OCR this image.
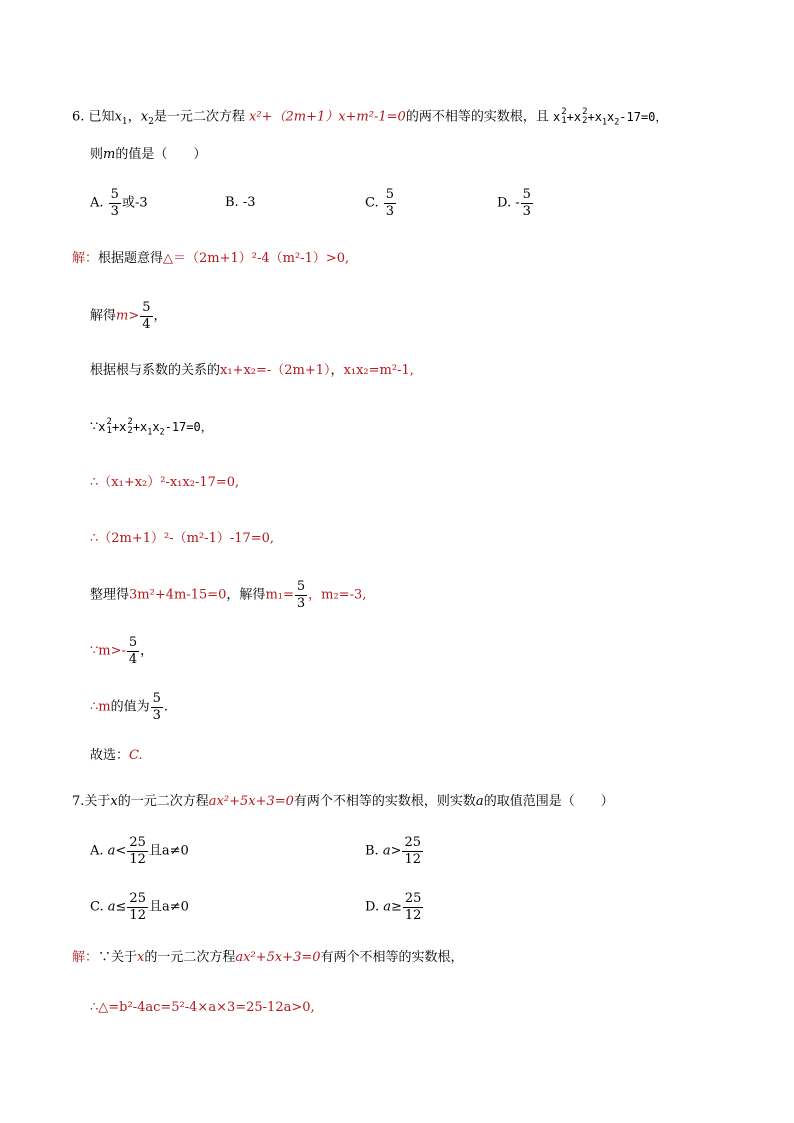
6. 已知$x_1$，$x_2$是一元二次方程 x²+（2m+1）x+m²-1=0的两不相等的实数根，且 x 2
1 +x 2
$2 +x_1x_2-17=0$，
则m的值是（　　）
A. $\frac{5}{3}$ 或-3	B. -3	C. $\frac{5}{3}$	D. - $\frac{5}{3}$
解：根据题意得△＝（2m+1）²-4（m²-1）>0,
解得$m> \frac{5}{4}$ ，
根据根与系数的关系的x₁+x₂=-（2m+1），x₁x₂=m²-1,
∵x 2
1 +x 2
$2 +x_1x_2-17=0$，
∴（x₁+x₂）²-x₁x₂-17=0,
∴（2m+1）²-（m²-1）-17=0,
整理得3m²+4m-15=0，解得$m_1= \frac{5}{3}$ ，m₂=-3,
∵m>- $\frac{5}{4}$ ，
∴m的值为 $\frac{5}{3}$ .
故选：C.
7.关于x的一元二次方程ax²+5x+3=0有两个不相等的实数根，则实数a的取值范围是（　　）
A. $a< \frac{25}{12}$ 且a≠0	B. $a> \frac{25}{12}$
C. $a\le \frac{25}{12}$ 且a≠0	D. $a\ge \frac{25}{12}$
解：∵关于x的一元二次方程ax²+5x+3=0有两个不相等的实数根，
∴△=b²-4ac=5²-4×a×3=25-12a>0,
